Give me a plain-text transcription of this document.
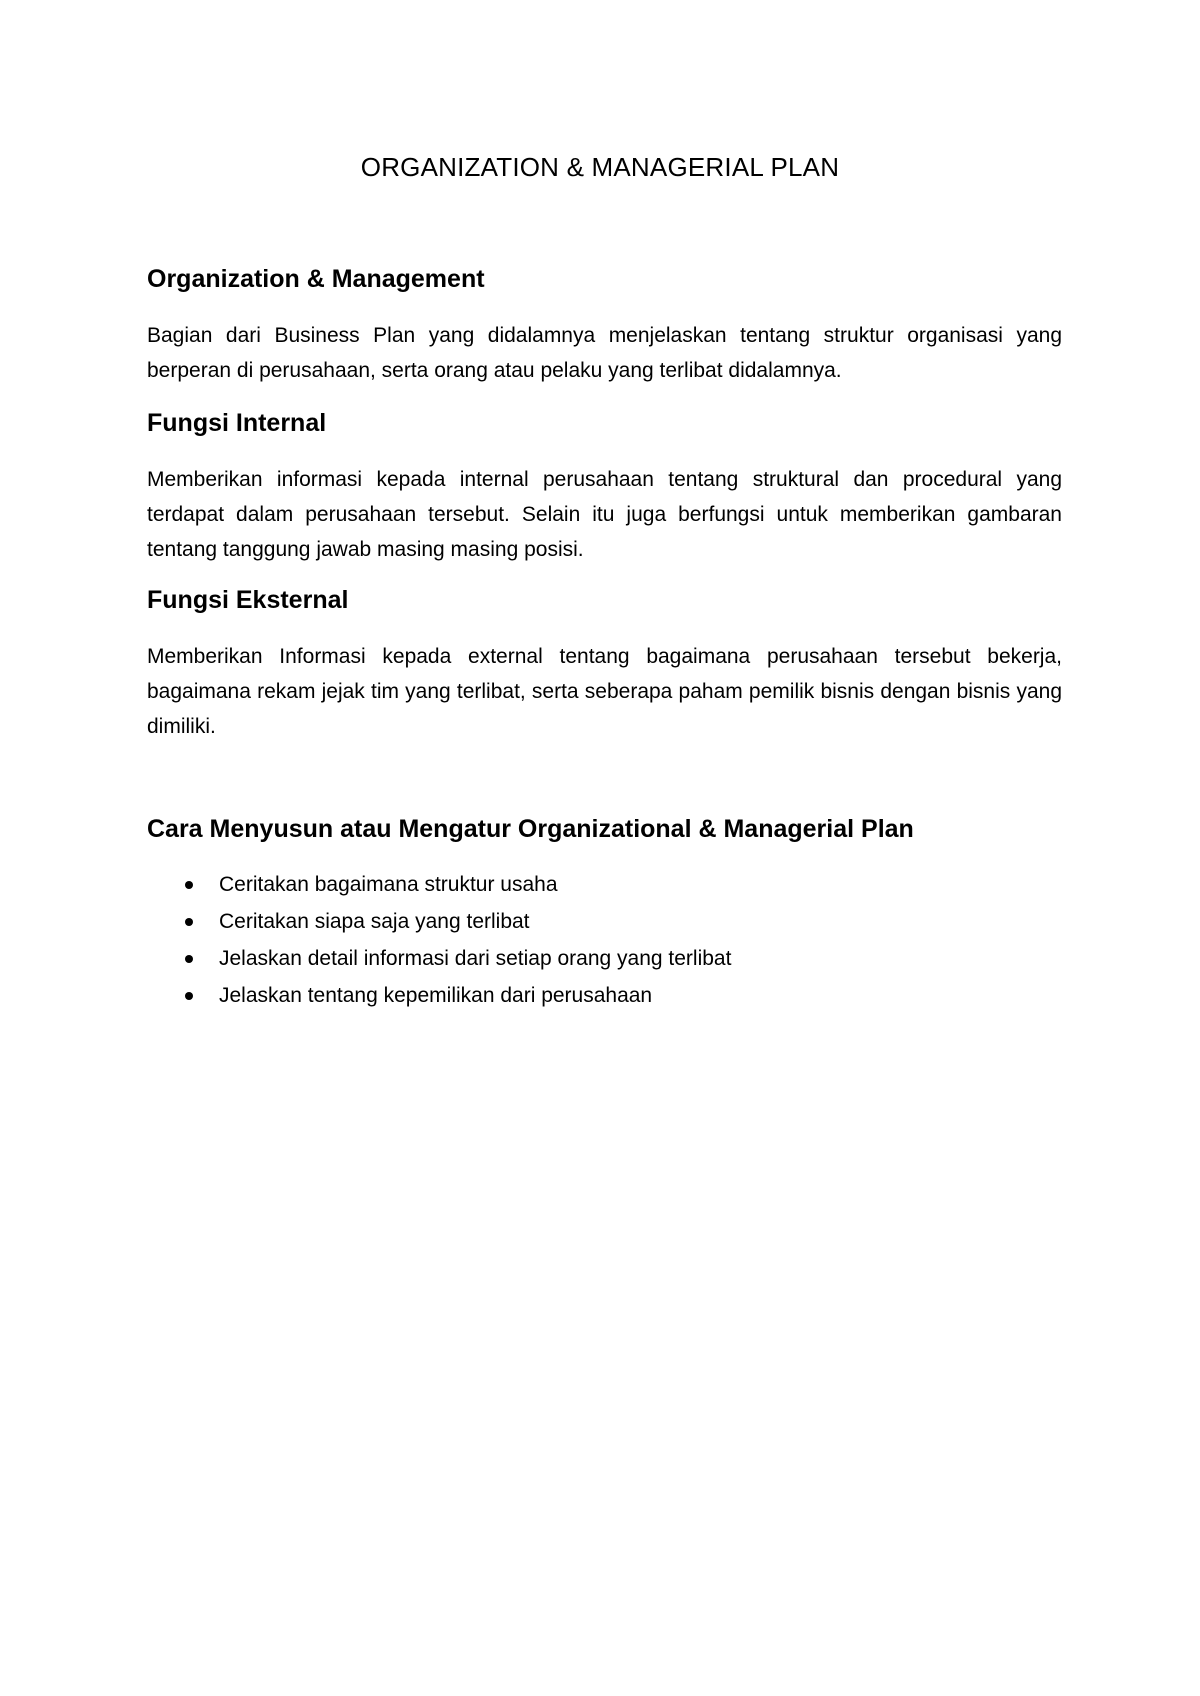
ORGANIZATION & MANAGERIAL PLAN
Organization & Management

Bagian dari Business Plan yang didalamnya menjelaskan tentang struktur organisasi yang berperan di perusahaan, serta orang atau pelaku yang terlibat didalamnya.

Fungsi Internal

Memberikan informasi kepada internal perusahaan tentang struktural dan procedural yang terdapat dalam perusahaan tersebut. Selain itu juga berfungsi untuk memberikan gambaran tentang tanggung jawab masing masing posisi.

Fungsi Eksternal

Memberikan Informasi kepada external tentang bagaimana perusahaan tersebut bekerja, bagaimana rekam jejak tim yang terlibat, serta seberapa paham pemilik bisnis dengan bisnis yang dimiliki.

Cara Menyusun atau Mengatur Organizational & Managerial Plan
Ceritakan bagaimana struktur usaha
Ceritakan siapa saja yang terlibat
Jelaskan detail informasi dari setiap orang yang terlibat
Jelaskan tentang kepemilikan dari perusahaan
